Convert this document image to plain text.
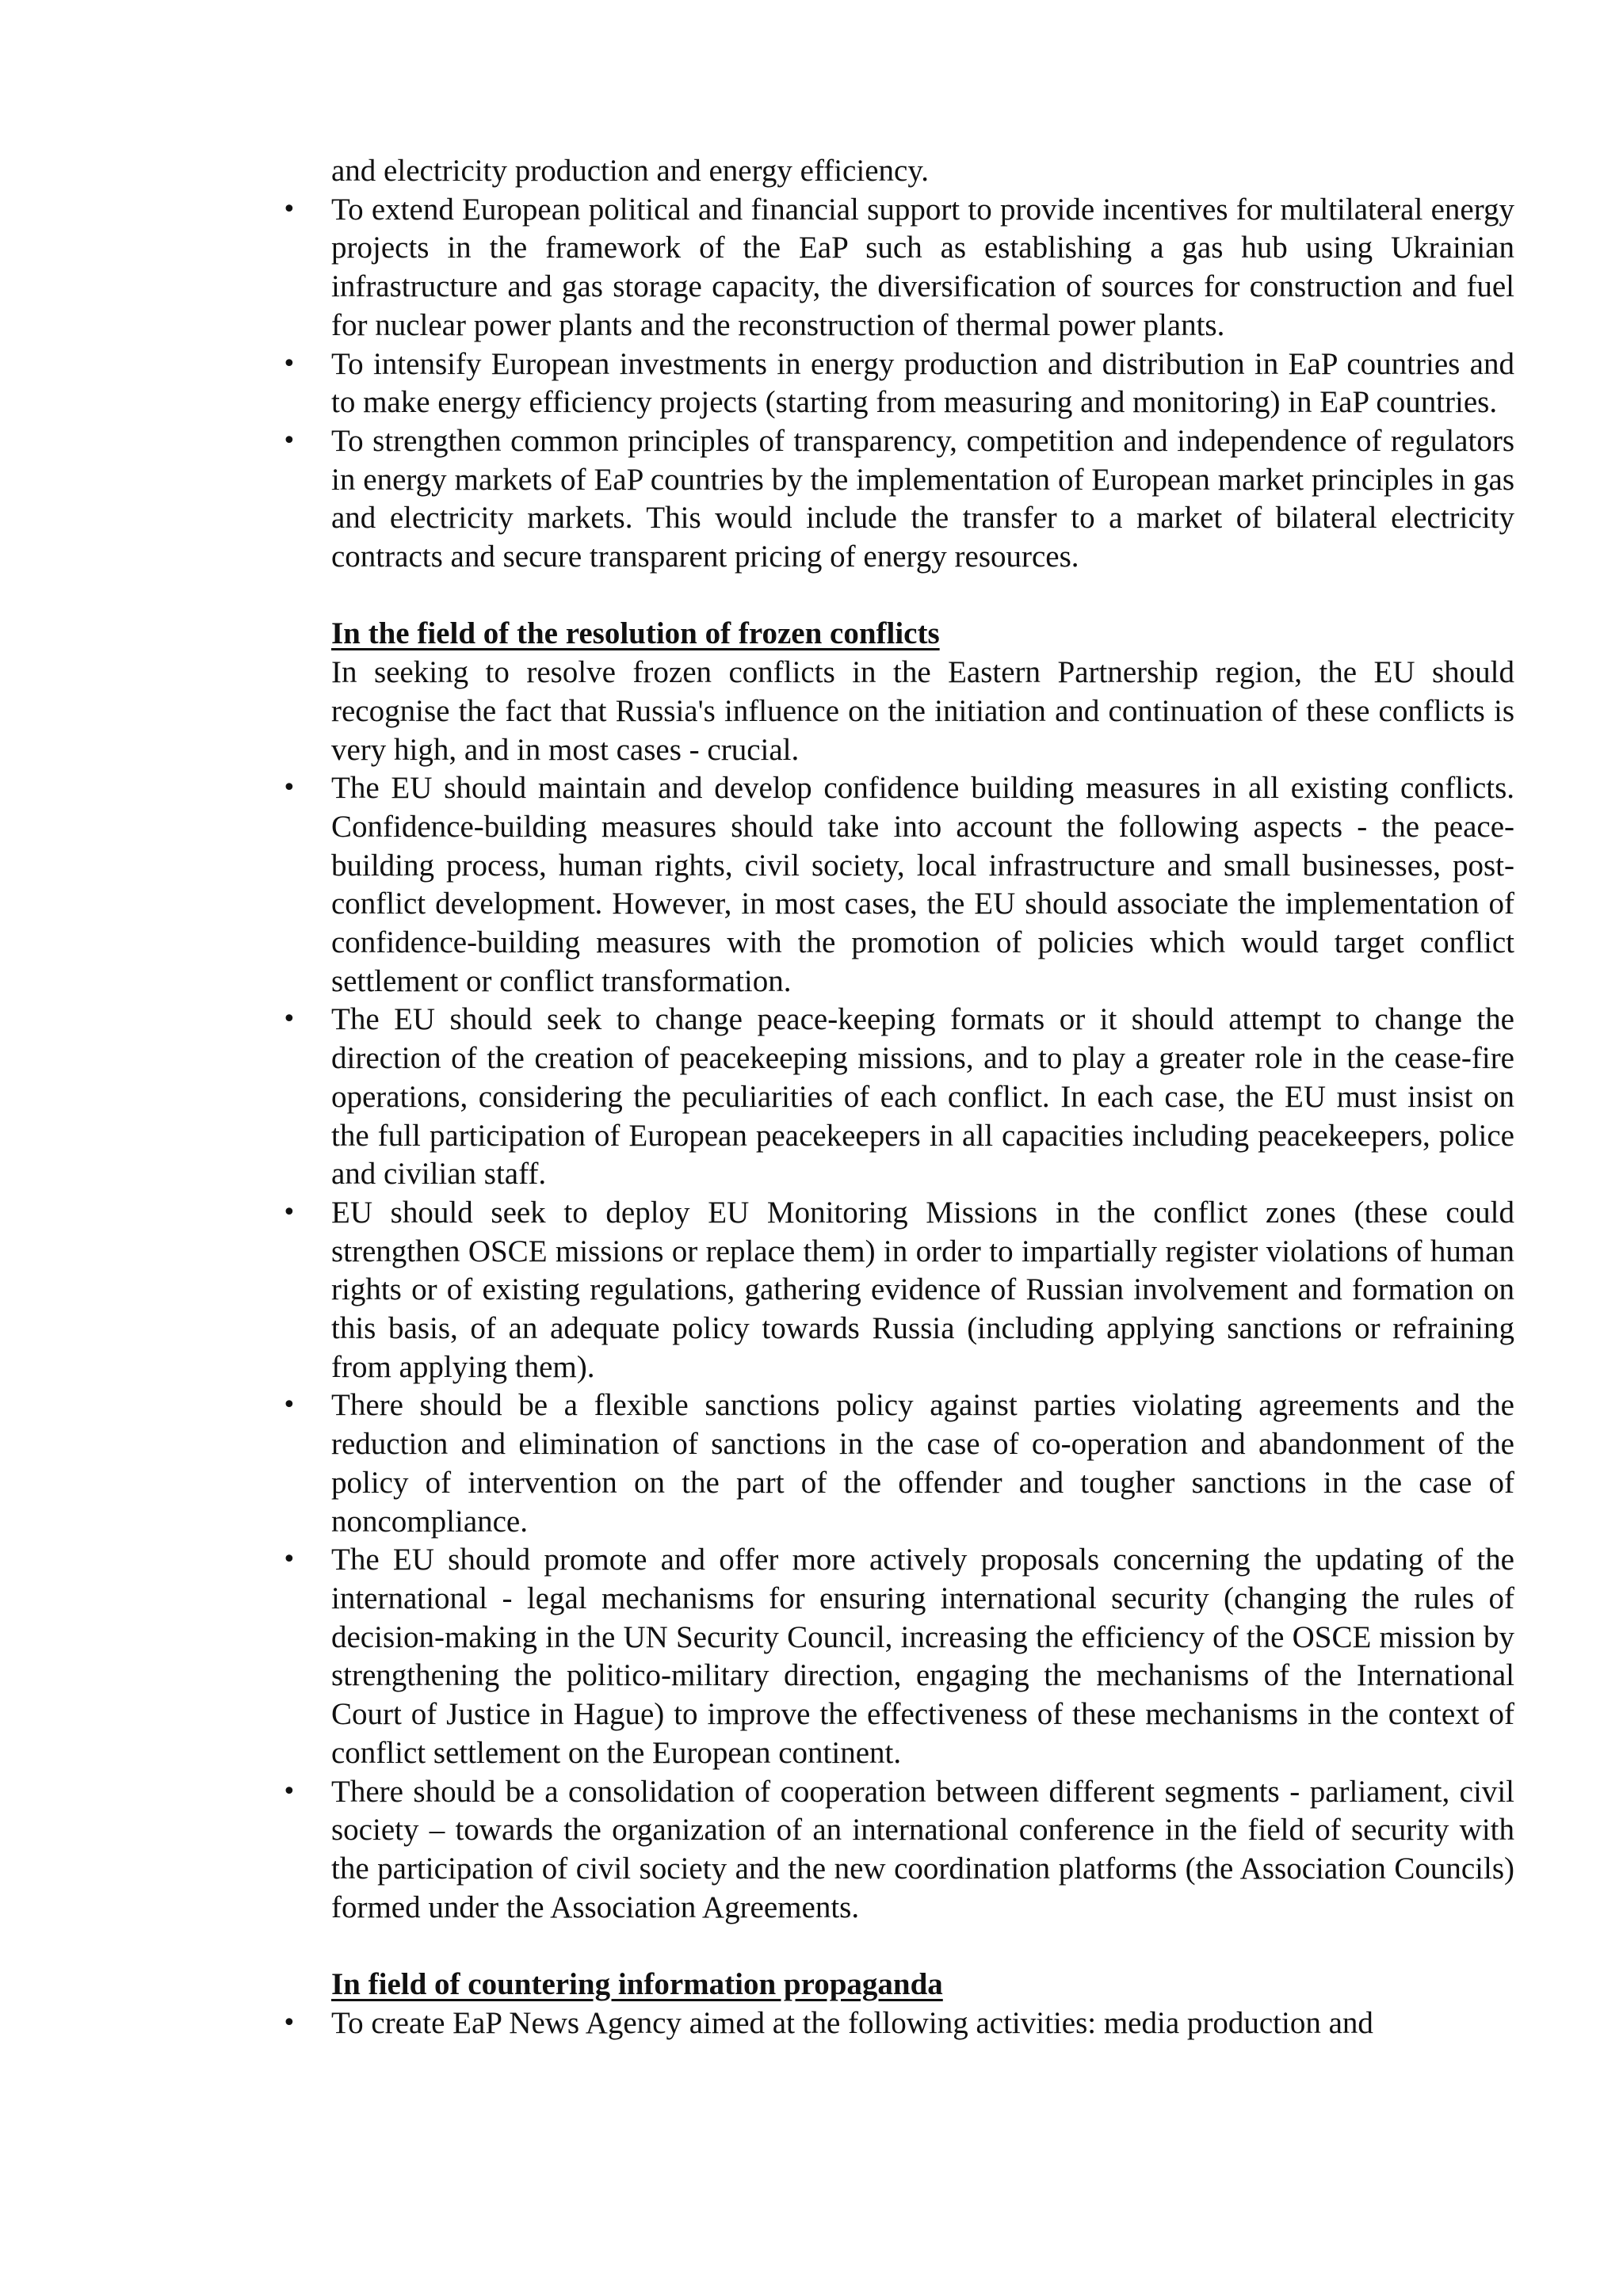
and electricity production and energy efficiency.

• To extend European political and financial support to provide incentives for multilateral energy projects in the framework of the EaP such as establishing a gas hub using Ukrainian infrastructure and gas storage capacity, the diversification of sources for construction and fuel for nuclear power plants and the reconstruction of thermal power plants.
• To intensify European investments in energy production and distribution in EaP countries and to make energy efficiency projects (starting from measuring and monitoring) in EaP countries.
• To strengthen common principles of transparency, competition and independence of regulators in energy markets of EaP countries by the implementation of European market principles in gas and electricity markets. This would include the transfer to a market of bilateral electricity contracts and secure transparent pricing of energy resources.

In the field of the resolution of frozen conflicts

In seeking to resolve frozen conflicts in the Eastern Partnership region, the EU should recognise the fact that Russia's influence on the initiation and continuation of these conflicts is very high, and in most cases - crucial.

• The EU should maintain and develop confidence building measures in all existing conflicts. Confidence-building measures should take into account the following aspects - the peace-building process, human rights, civil society, local infrastructure and small businesses, post-conflict development. However, in most cases, the EU should associate the implementation of confidence-building measures with the promotion of policies which would target conflict settlement or conflict transformation.
• The EU should seek to change peace-keeping formats or it should attempt to change the direction of the creation of peacekeeping missions, and to play a greater role in the cease-fire operations, considering the peculiarities of each conflict. In each case, the EU must insist on the full participation of European peacekeepers in all capacities including peacekeepers, police and civilian staff.
• EU should seek to deploy EU Monitoring Missions in the conflict zones (these could strengthen OSCE missions or replace them) in order to impartially register violations of human rights or of existing regulations, gathering evidence of Russian involvement and formation on this basis, of an adequate policy towards Russia (including applying sanctions or refraining from applying them).
• There should be a flexible sanctions policy against parties violating agreements and the reduction and elimination of sanctions in the case of co-operation and abandonment of the policy of intervention on the part of the offender and tougher sanctions in the case of noncompliance.
• The EU should promote and offer more actively proposals concerning the updating of the international - legal mechanisms for ensuring international security (changing the rules of decision-making in the UN Security Council, increasing the efficiency of the OSCE mission by strengthening the politico-military direction, engaging the mechanisms of the International Court of Justice in Hague) to improve the effectiveness of these mechanisms in the context of conflict settlement on the European continent.
• There should be a consolidation of cooperation between different segments - parliament, civil society – towards the organization of an international conference in the field of security with the participation of civil society and the new coordination platforms (the Association Councils) formed under the Association Agreements.

In field of countering information propaganda

• To create EaP News Agency aimed at the following activities: media production and
